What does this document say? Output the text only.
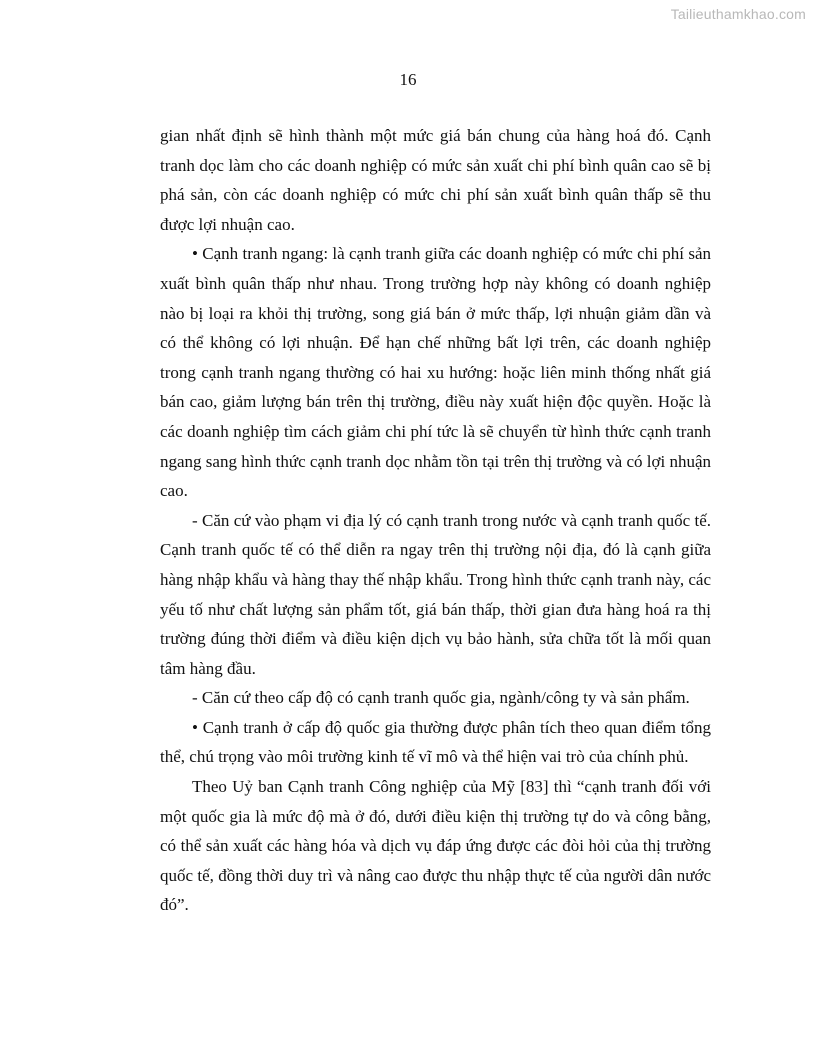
Tailieuthamkhao.com
16

gian nhất định sẽ hình thành một mức giá bán chung của hàng hoá đó. Cạnh tranh dọc làm cho các doanh nghiệp có mức sản xuất chi phí bình quân cao sẽ bị phá sản, còn các doanh nghiệp có mức chi phí sản xuất bình quân thấp sẽ thu được lợi nhuận cao.

• Cạnh tranh ngang: là cạnh tranh giữa các doanh nghiệp có mức chi phí sản xuất bình quân thấp như nhau. Trong trường hợp này không có doanh nghiệp nào bị loại ra khỏi thị trường, song giá bán ở mức thấp, lợi nhuận giảm dần và có thể không có lợi nhuận. Để hạn chế những bất lợi trên, các doanh nghiệp trong cạnh tranh ngang thường có hai xu hướng: hoặc liên minh thống nhất giá bán cao, giảm lượng bán trên thị trường, điều này xuất hiện độc quyền. Hoặc là các doanh nghiệp tìm cách giảm chi phí tức là sẽ chuyển từ hình thức cạnh tranh ngang sang hình thức cạnh tranh dọc nhằm tồn tại trên thị trường và có lợi nhuận cao.

- Căn cứ vào phạm vi địa lý có cạnh tranh trong nước và cạnh tranh quốc tế. Cạnh tranh quốc tế có thể diễn ra ngay trên thị trường nội địa, đó là cạnh giữa hàng nhập khẩu và hàng thay thế nhập khẩu. Trong hình thức cạnh tranh này, các yếu tố như chất lượng sản phẩm tốt, giá bán thấp, thời gian đưa hàng hoá ra thị trường đúng thời điểm và điều kiện dịch vụ bảo hành, sửa chữa tốt là mối quan tâm hàng đầu.

- Căn cứ theo cấp độ có cạnh tranh quốc gia, ngành/công ty và sản phẩm.

• Cạnh tranh ở cấp độ quốc gia thường được phân tích theo quan điểm tổng thể, chú trọng vào môi trường kinh tế vĩ mô và thể hiện vai trò của chính phủ.

Theo Uỷ ban Cạnh tranh Công nghiệp của Mỹ [83] thì “cạnh tranh đối với một quốc gia là mức độ mà ở đó, dưới điều kiện thị trường tự do và công bằng, có thể sản xuất các hàng hóa và dịch vụ đáp ứng được các đòi hỏi của thị trường quốc tế, đồng thời duy trì và nâng cao được thu nhập thực tế của người dân nước đó”.
